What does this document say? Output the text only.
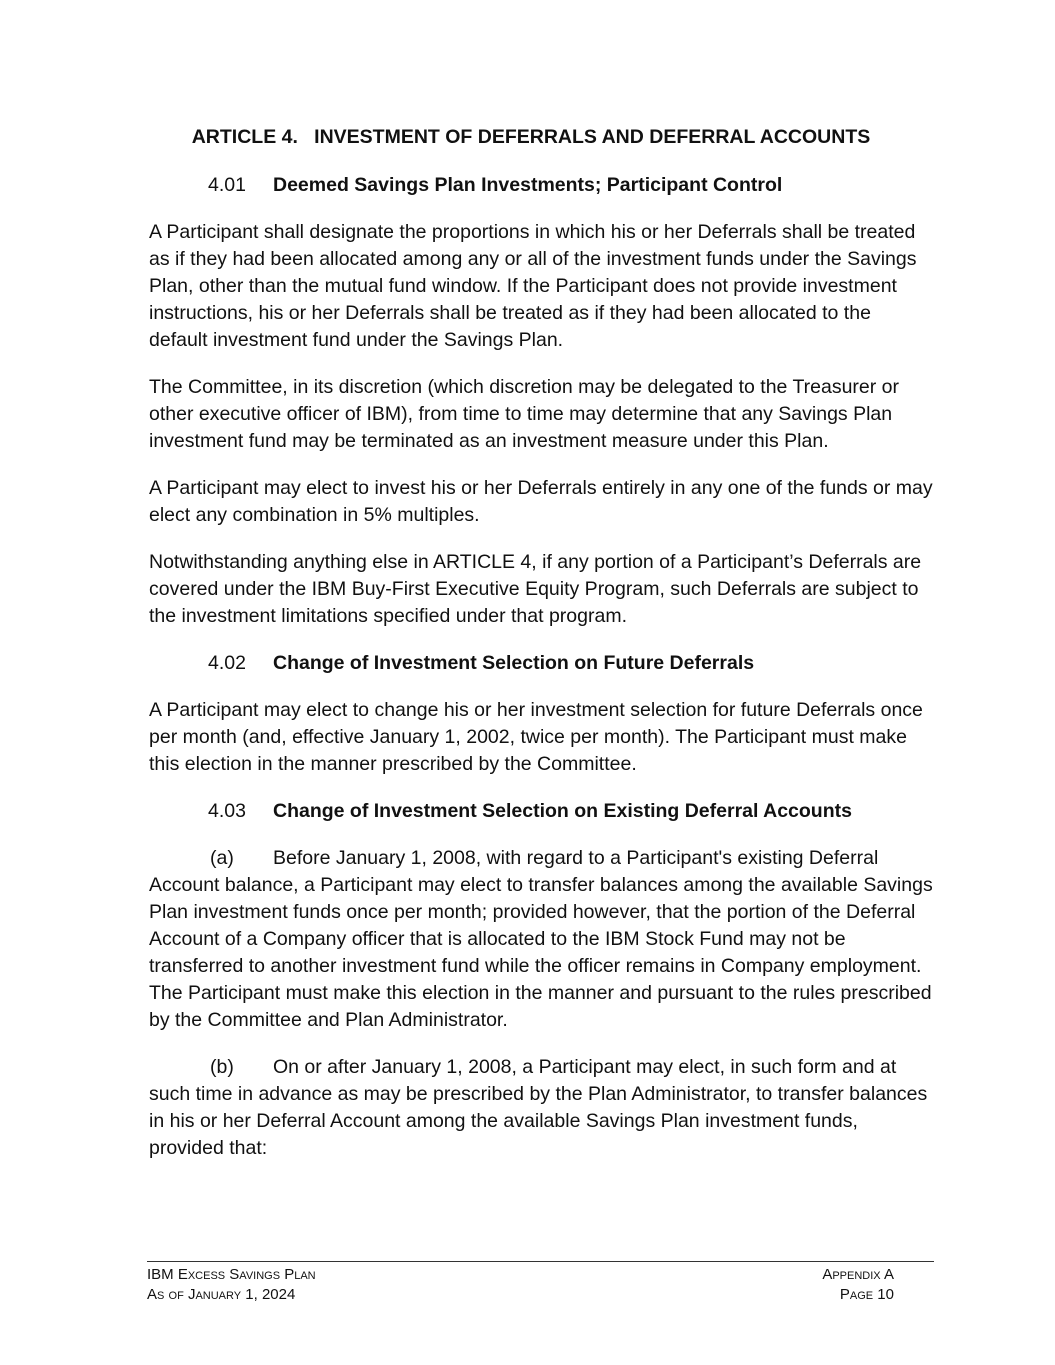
ARTICLE 4.   INVESTMENT OF DEFERRALS AND DEFERRAL ACCOUNTS
4.01 Deemed Savings Plan Investments; Participant Control

A Participant shall designate the proportions in which his or her Deferrals shall be treated as if they had been allocated among any or all of the investment funds under the Savings Plan, other than the mutual fund window. If the Participant does not provide investment instructions, his or her Deferrals shall be treated as if they had been allocated to the default investment fund under the Savings Plan.

The Committee, in its discretion (which discretion may be delegated to the Treasurer or other executive officer of IBM), from time to time may determine that any Savings Plan investment fund may be terminated as an investment measure under this Plan.

A Participant may elect to invest his or her Deferrals entirely in any one of the funds or may elect any combination in 5% multiples.

Notwithstanding anything else in ARTICLE 4, if any portion of a Participant’s Deferrals are covered under the IBM Buy-First Executive Equity Program, such Deferrals are subject to the investment limitations specified under that program.

4.02 Change of Investment Selection on Future Deferrals

A Participant may elect to change his or her investment selection for future Deferrals once per month (and, effective January 1, 2002, twice per month). The Participant must make this election in the manner prescribed by the Committee.

4.03 Change of Investment Selection on Existing Deferral Accounts

(a) Before January 1, 2008, with regard to a Participant's existing Deferral Account balance, a Participant may elect to transfer balances among the available Savings Plan investment funds once per month; provided however, that the portion of the Deferral Account of a Company officer that is allocated to the IBM Stock Fund may not be transferred to another investment fund while the officer remains in Company employment. The Participant must make this election in the manner and pursuant to the rules prescribed by the Committee and Plan Administrator.

(b) On or after January 1, 2008, a Participant may elect, in such form and at such time in advance as may be prescribed by the Plan Administrator, to transfer balances in his or her Deferral Account among the available Savings Plan investment funds, provided that:

IBM Excess Savings Plan	Appendix A
As of January 1, 2024	Page 10
